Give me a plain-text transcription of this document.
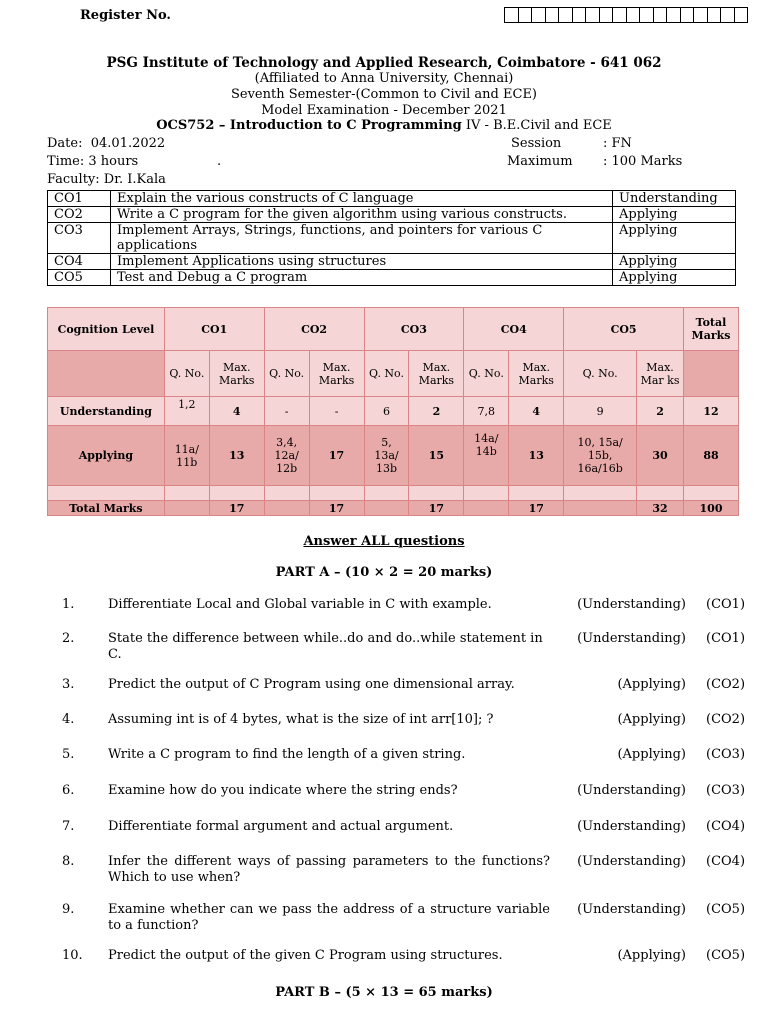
Register No.
PSG Institute of Technology and Applied Research, Coimbatore - 641 062
(Affiliated to Anna University, Chennai)
Seventh Semester-(Common to Civil and ECE)
Model Examination - December 2021
OCS752 – Introduction to C Programming IV - B.E.Civil and ECE
Date: 04.01.2022	Session	: FN
Time: 3 hours	.	Maximum : 100 Marks
Faculty: Dr. I.Kala
CO1	Explain the various constructs of C language	Understanding
CO2	Write a C program for the given algorithm using various constructs.	Applying
CO3	Implement Arrays, Strings, functions, and pointers for various C applications	Applying
CO4	Implement Applications using structures	Applying
CO5	Test and Debug a C program	Applying
Cognition Level	CO1		CO2		CO3		CO4		CO5		Total Marks
	Q. No.	Max. Marks	Q. No.	Max. Marks	Q. No.	Max. Marks	Q. No.	Max. Marks	Q. No.	Max. Mar ks	
Understanding	1,2	4	-	-	6	2	7,8	4	9	2	12
Applying	11a/ 11b	13	3,4, 12a/ 12b	17	5, 13a/ 13b	15	14a/ 14b	13	10, 15a/ 15b, 16a/16b	30	88

Total Marks		17		17		17		17		32	100
Answer ALL questions
PART A – (10 × 2 = 20 marks)
1.	Differentiate Local and Global variable in C with example.	(Understanding) (CO1)
2.	State the difference between while..do and do..while statement in C.
(Understanding) (CO1)
3.	Predict the output of C Program using one dimensional array.	(Applying) (CO2)
4.	Assuming int is of 4 bytes, what is the size of int arr[10]; ?	(Applying) (CO2)
5.	Write a C program to find the length of a given string.	(Applying) (CO3)
6.	Examine how do you indicate where the string ends?	(Understanding) (CO3)
7.	Differentiate formal argument and actual argument.	(Understanding) (CO4)
8.	Infer the different ways of passing parameters to the functions? Which to use when?
(Understanding) (CO4)
9.	Examine whether can we pass the address of a structure variable to a function?
(Understanding) (CO5)
10. Predict the output of the given C Program using structures.	(Applying) (CO5)
PART B – (5 × 13 = 65 marks)
